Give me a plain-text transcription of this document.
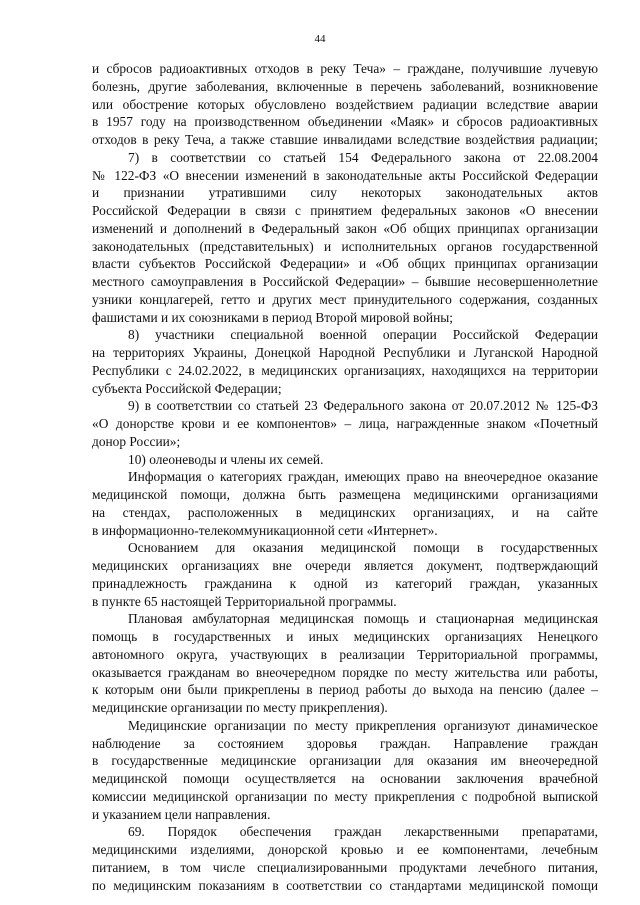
44
и сбросов радиоактивных отходов в реку Теча» – граждане, получившие лучевую
болезнь, другие заболевания, включенные в перечень заболеваний, возникновение
или обострение которых обусловлено воздействием радиации вследствие аварии
в 1957 году на производственном объединении «Маяк» и сбросов радиоактивных
отходов в реку Теча, а также ставшие инвалидами вследствие воздействия радиации;
7) в соответствии со статьей 154 Федерального закона от 22.08.2004
№ 122-ФЗ «О внесении изменений в законодательные акты Российской Федерации
и признании утратившими силу некоторых законодательных актов
Российской Федерации в связи с принятием федеральных законов «О внесении
изменений и дополнений в Федеральный закон «Об общих принципах организации
законодательных (представительных) и исполнительных органов государственной
власти субъектов Российской Федерации» и «Об общих принципах организации
местного самоуправления в Российской Федерации» – бывшие несовершеннолетние
узники концлагерей, гетто и других мест принудительного содержания, созданных
фашистами и их союзниками в период Второй мировой войны;
8) участники специальной военной операции Российской Федерации
на территориях Украины, Донецкой Народной Республики и Луганской Народной
Республики с 24.02.2022, в медицинских организациях, находящихся на территории
субъекта Российской Федерации;
9) в соответствии со статьей 23 Федерального закона от 20.07.2012 № 125-ФЗ
«О донорстве крови и ее компонентов» – лица, награжденные знаком «Почетный
донор России»;
10) олеоневоды и члены их семей.
Информация о категориях граждан, имеющих право на внеочередное оказание
медицинской помощи, должна быть размещена медицинскими организациями
на стендах, расположенных в медицинских организациях, и на сайте
в информационно-телекоммуникационной сети «Интернет».
Основанием для оказания медицинской помощи в государственных
медицинских организациях вне очереди является документ, подтверждающий
принадлежность гражданина к одной из категорий граждан, указанных
в пункте 65 настоящей Территориальной программы.
Плановая амбулаторная медицинская помощь и стационарная медицинская
помощь в государственных и иных медицинских организациях Ненецкого
автономного округа, участвующих в реализации Территориальной программы,
оказывается гражданам во внеочередном порядке по месту жительства или работы,
к которым они были прикреплены в период работы до выхода на пенсию (далее –
медицинские организации по месту прикрепления).
Медицинские организации по месту прикрепления организуют динамическое
наблюдение за состоянием здоровья граждан. Направление граждан
в государственные медицинские организации для оказания им внеочередной
медицинской помощи осуществляется на основании заключения врачебной
комиссии медицинской организации по месту прикрепления с подробной выпиской
и указанием цели направления.
69. Порядок обеспечения граждан лекарственными препаратами,
медицинскими изделиями, донорской кровью и ее компонентами, лечебным
питанием, в том числе специализированными продуктами лечебного питания,
по медицинским показаниям в соответствии со стандартами медицинской помощи
